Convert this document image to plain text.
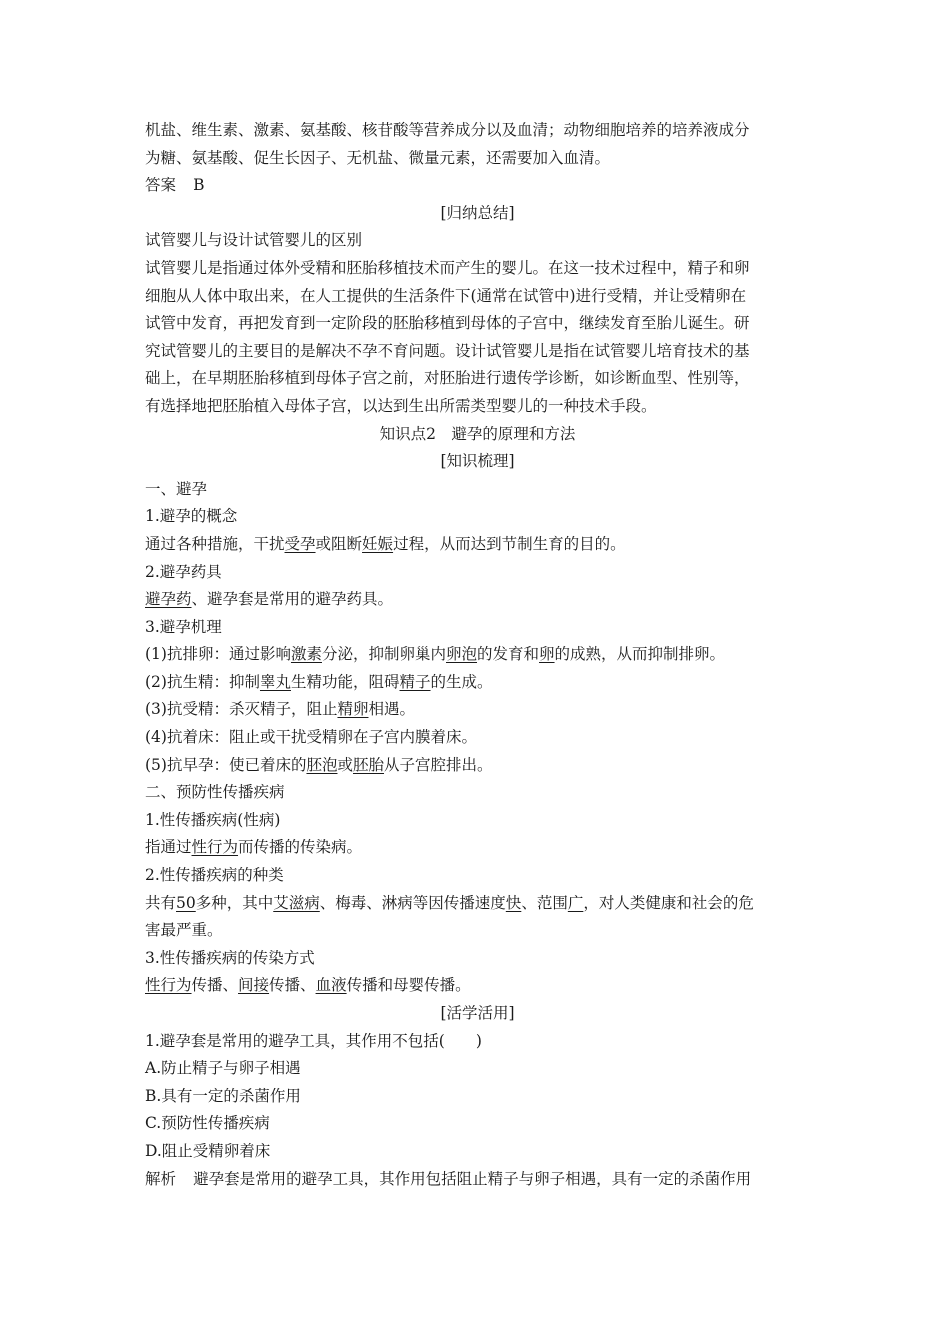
机盐、维生素、激素、氨基酸、核苷酸等营养成分以及血清；动物细胞培养的培养液成分

为糖、氨基酸、促生长因子、无机盐、微量元素，还需要加入血清。

答案 B

[归纳总结]

试管婴儿与设计试管婴儿的区别

试管婴儿是指通过体外受精和胚胎移植技术而产生的婴儿。在这一技术过程中，精子和卵

细胞从人体中取出来，在人工提供的生活条件下(通常在试管中)进行受精，并让受精卵在

试管中发育，再把发育到一定阶段的胚胎移植到母体的子宫中，继续发育至胎儿诞生。研

究试管婴儿的主要目的是解决不孕不育问题。设计试管婴儿是指在试管婴儿培育技术的基

础上，在早期胚胎移植到母体子宫之前，对胚胎进行遗传学诊断，如诊断血型、性别等，

有选择地把胚胎植入母体子宫，以达到生出所需类型婴儿的一种技术手段。

知识点2　避孕的原理和方法

[知识梳理]

一、避孕

1.避孕的概念

通过各种措施，干扰受孕或阻断妊娠过程，从而达到节制生育的目的。

2.避孕药具

避孕药、避孕套是常用的避孕药具。

3.避孕机理

(1)抗排卵：通过影响激素分泌，抑制卵巢内卵泡的发育和卵的成熟，从而抑制排卵。

(2)抗生精：抑制睾丸生精功能，阻碍精子的生成。

(3)抗受精：杀灭精子，阻止精卵相遇。

(4)抗着床：阻止或干扰受精卵在子宫内膜着床。

(5)抗早孕：使已着床的胚泡或胚胎从子宫腔排出。

二、预防性传播疾病

1.性传播疾病(性病)

指通过性行为而传播的传染病。

2.性传播疾病的种类

共有50多种，其中艾滋病、梅毒、淋病等因传播速度快、范围广，对人类健康和社会的危

害最严重。

3.性传播疾病的传染方式

性行为传播、间接传播、血液传播和母婴传播。

[活学活用]

1.避孕套是常用的避孕工具，其作用不包括(　　)

A.防止精子与卵子相遇

B.具有一定的杀菌作用

C.预防性传播疾病

D.阻止受精卵着床

解析 避孕套是常用的避孕工具，其作用包括阻止精子与卵子相遇，具有一定的杀菌作用
